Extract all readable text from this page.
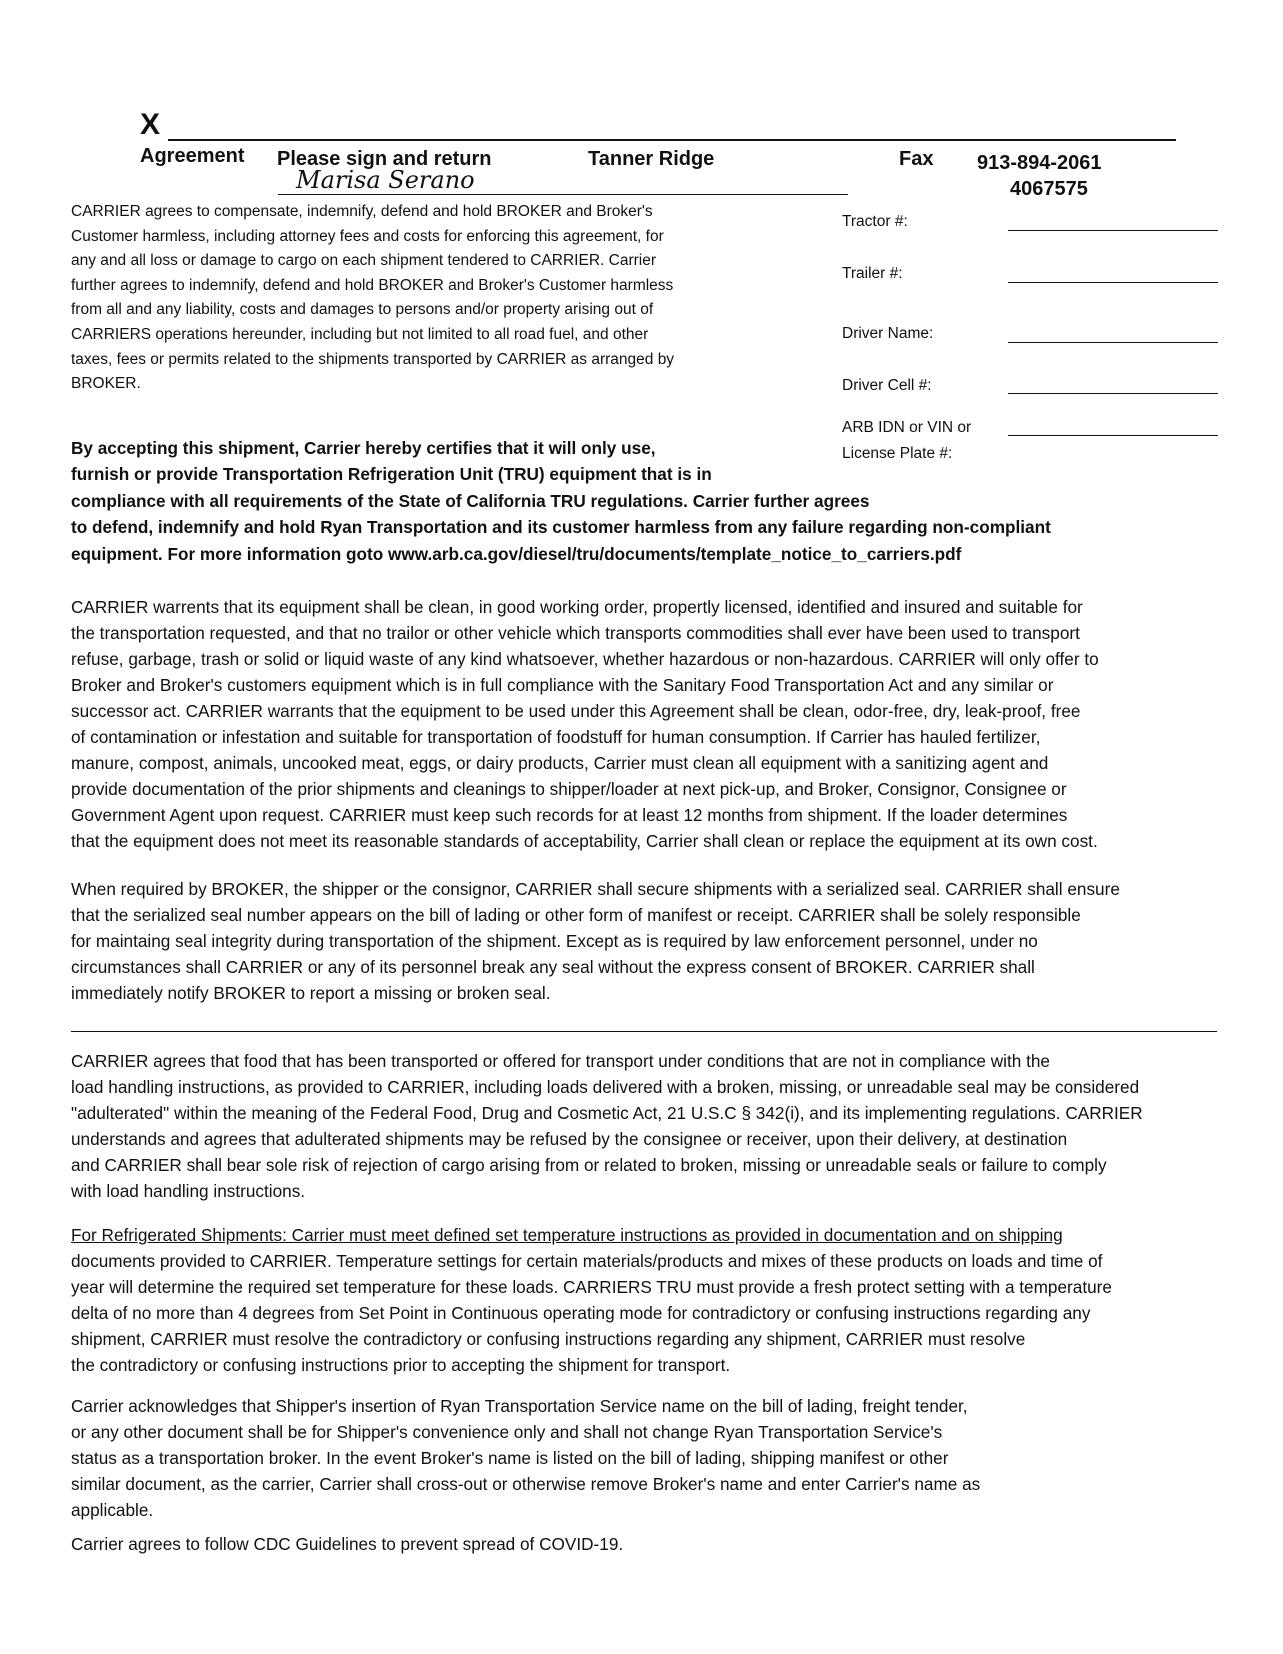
X
Agreement Please sign and return	Tanner Ridge	Fax 913-894-2061
4067575
Marisa Serano
CARRIER agrees to compensate, indemnify, defend and hold BROKER and Broker's
Customer harmless, including attorney fees and costs for enforcing this agreement, for
any and all loss or damage to cargo on each shipment tendered to CARRIER. Carrier
further agrees to indemnify, defend and hold BROKER and Broker's Customer harmless
from all and any liability, costs and damages to persons and/or property arising out of
CARRIERS operations hereunder, including but not limited to all road fuel, and other
taxes, fees or permits related to the shipments transported by CARRIER as arranged by
BROKER.
Tractor #:
Trailer #:
Driver Name:
Driver Cell #:
ARB IDN or VIN or
License Plate #:
By accepting this shipment, Carrier hereby certifies that it will only use,
furnish or provide Transportation Refrigeration Unit (TRU) equipment that is in
compliance with all requirements of the State of California TRU regulations. Carrier further agrees
to defend, indemnify and hold Ryan Transportation and its customer harmless from any failure regarding non-compliant
equipment. For more information goto www.arb.ca.gov/diesel/tru/documents/template_notice_to_carriers.pdf
CARRIER warrents that its equipment shall be clean, in good working order, propertly licensed, identified and insured and suitable for
the transportation requested, and that no trailor or other vehicle which transports commodities shall ever have been used to transport
refuse, garbage, trash or solid or liquid waste of any kind whatsoever, whether hazardous or non-hazardous. CARRIER will only offer to
Broker and Broker's customers equipment which is in full compliance with the Sanitary Food Transportation Act and any similar or
successor act. CARRIER warrants that the equipment to be used under this Agreement shall be clean, odor-free, dry, leak-proof, free
of contamination or infestation and suitable for transportation of foodstuff for human consumption. If Carrier has hauled fertilizer,
manure, compost, animals, uncooked meat, eggs, or dairy products, Carrier must clean all equipment with a sanitizing agent and
provide documentation of the prior shipments and cleanings to shipper/loader at next pick-up, and Broker, Consignor, Consignee or
Government Agent upon request. CARRIER must keep such records for at least 12 months from shipment. If the loader determines
that the equipment does not meet its reasonable standards of acceptability, Carrier shall clean or replace the equipment at its own cost.
When required by BROKER, the shipper or the consignor, CARRIER shall secure shipments with a serialized seal. CARRIER shall ensure
that the serialized seal number appears on the bill of lading or other form of manifest or receipt. CARRIER shall be solely responsible
for maintaing seal integrity during transportation of the shipment. Except as is required by law enforcement personnel, under no
circumstances shall CARRIER or any of its personnel break any seal without the express consent of BROKER. CARRIER shall
immediately notify BROKER to report a missing or broken seal.
CARRIER agrees that food that has been transported or offered for transport under conditions that are not in compliance with the
load handling instructions, as provided to CARRIER, including loads delivered with a broken, missing, or unreadable seal may be considered
"adulterated" within the meaning of the Federal Food, Drug and Cosmetic Act, 21 U.S.C § 342(i), and its implementing regulations. CARRIER
understands and agrees that adulterated shipments may be refused by the consignee or receiver, upon their delivery, at destination
and CARRIER shall bear sole risk of rejection of cargo arising from or related to broken, missing or unreadable seals or failure to comply
with load handling instructions.
For Refrigerated Shipments: Carrier must meet defined set temperature instructions as provided in documentation and on shipping
documents provided to CARRIER. Temperature settings for certain materials/products and mixes of these products on loads and time of
year will determine the required set temperature for these loads. CARRIERS TRU must provide a fresh protect setting with a temperature
delta of no more than 4 degrees from Set Point in Continuous operating mode for contradictory or confusing instructions regarding any
shipment, CARRIER must resolve the contradictory or confusing instructions regarding any shipment, CARRIER must resolve
the contradictory or confusing instructions prior to accepting the shipment for transport.
Carrier acknowledges that Shipper's insertion of Ryan Transportation Service name on the bill of lading, freight tender,
or any other document shall be for Shipper's convenience only and shall not change Ryan Transportation Service's
status as a transportation broker. In the event Broker's name is listed on the bill of lading, shipping manifest or other
similar document, as the carrier, Carrier shall cross-out or otherwise remove Broker's name and enter Carrier's name as
applicable.
Carrier agrees to follow CDC Guidelines to prevent spread of COVID-19.
